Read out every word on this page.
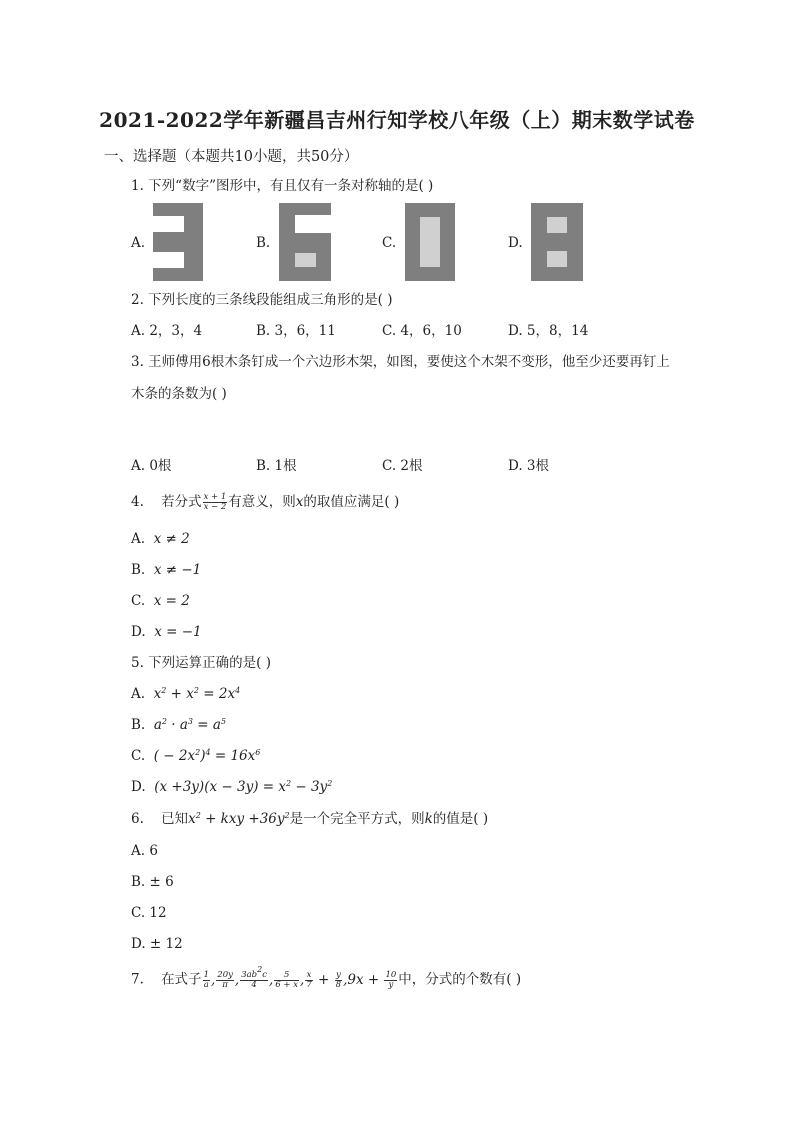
2021-2022学年新疆昌吉州行知学校八年级（上）期末数学试卷
一、选择题（本题共10小题，共50分）
1. 下列“数字”图形中，有且仅有一条对称轴的是( )
A.	B.	C.	D.
2. 下列长度的三条线段能组成三角形的是( )
A. 2，3，4	B. 3，6，11	C. 4，6，10	D. 5，8，14
3. 王师傅用6根木条钉成一个六边形木架，如图，要使这个木架不变形，他至少还要再钉上
木条的条数为( )
A. 0根	B. 1根	C. 2根	D. 3根
4. 若分式 $\frac{x + 1}{x - 2}$ 有意义，则x的取值应满足( )
A. x ≠ 2
B. x ≠ −1
C. x = 2
D. x = −1
5. 下列运算正确的是( )
A. $x^2 + x^2 = 2x^4$
B. $a^2 \cdot a^3 = a^5$
C. ( − $2x^2)^4 = 16x^6$
D. $(x +3y)(x - 3y) = x^2 - 3y^2$
6. 已知$x^2$ + kxy $+36y^2$是一个完全平方式，则k的值是( )
A. 6
B. ± 6
C. 12
D. ± 12
7. 在式子 $\frac{1}{a}$ , $\frac{20y}{\pi}$ , $\frac{3ab^2c}{4}$ , $\frac{5}{6 + x}$ , $\frac{x}{7} + \frac{y}{8} ,9x + \frac{10}{y}$ 中，分式的个数有( )
